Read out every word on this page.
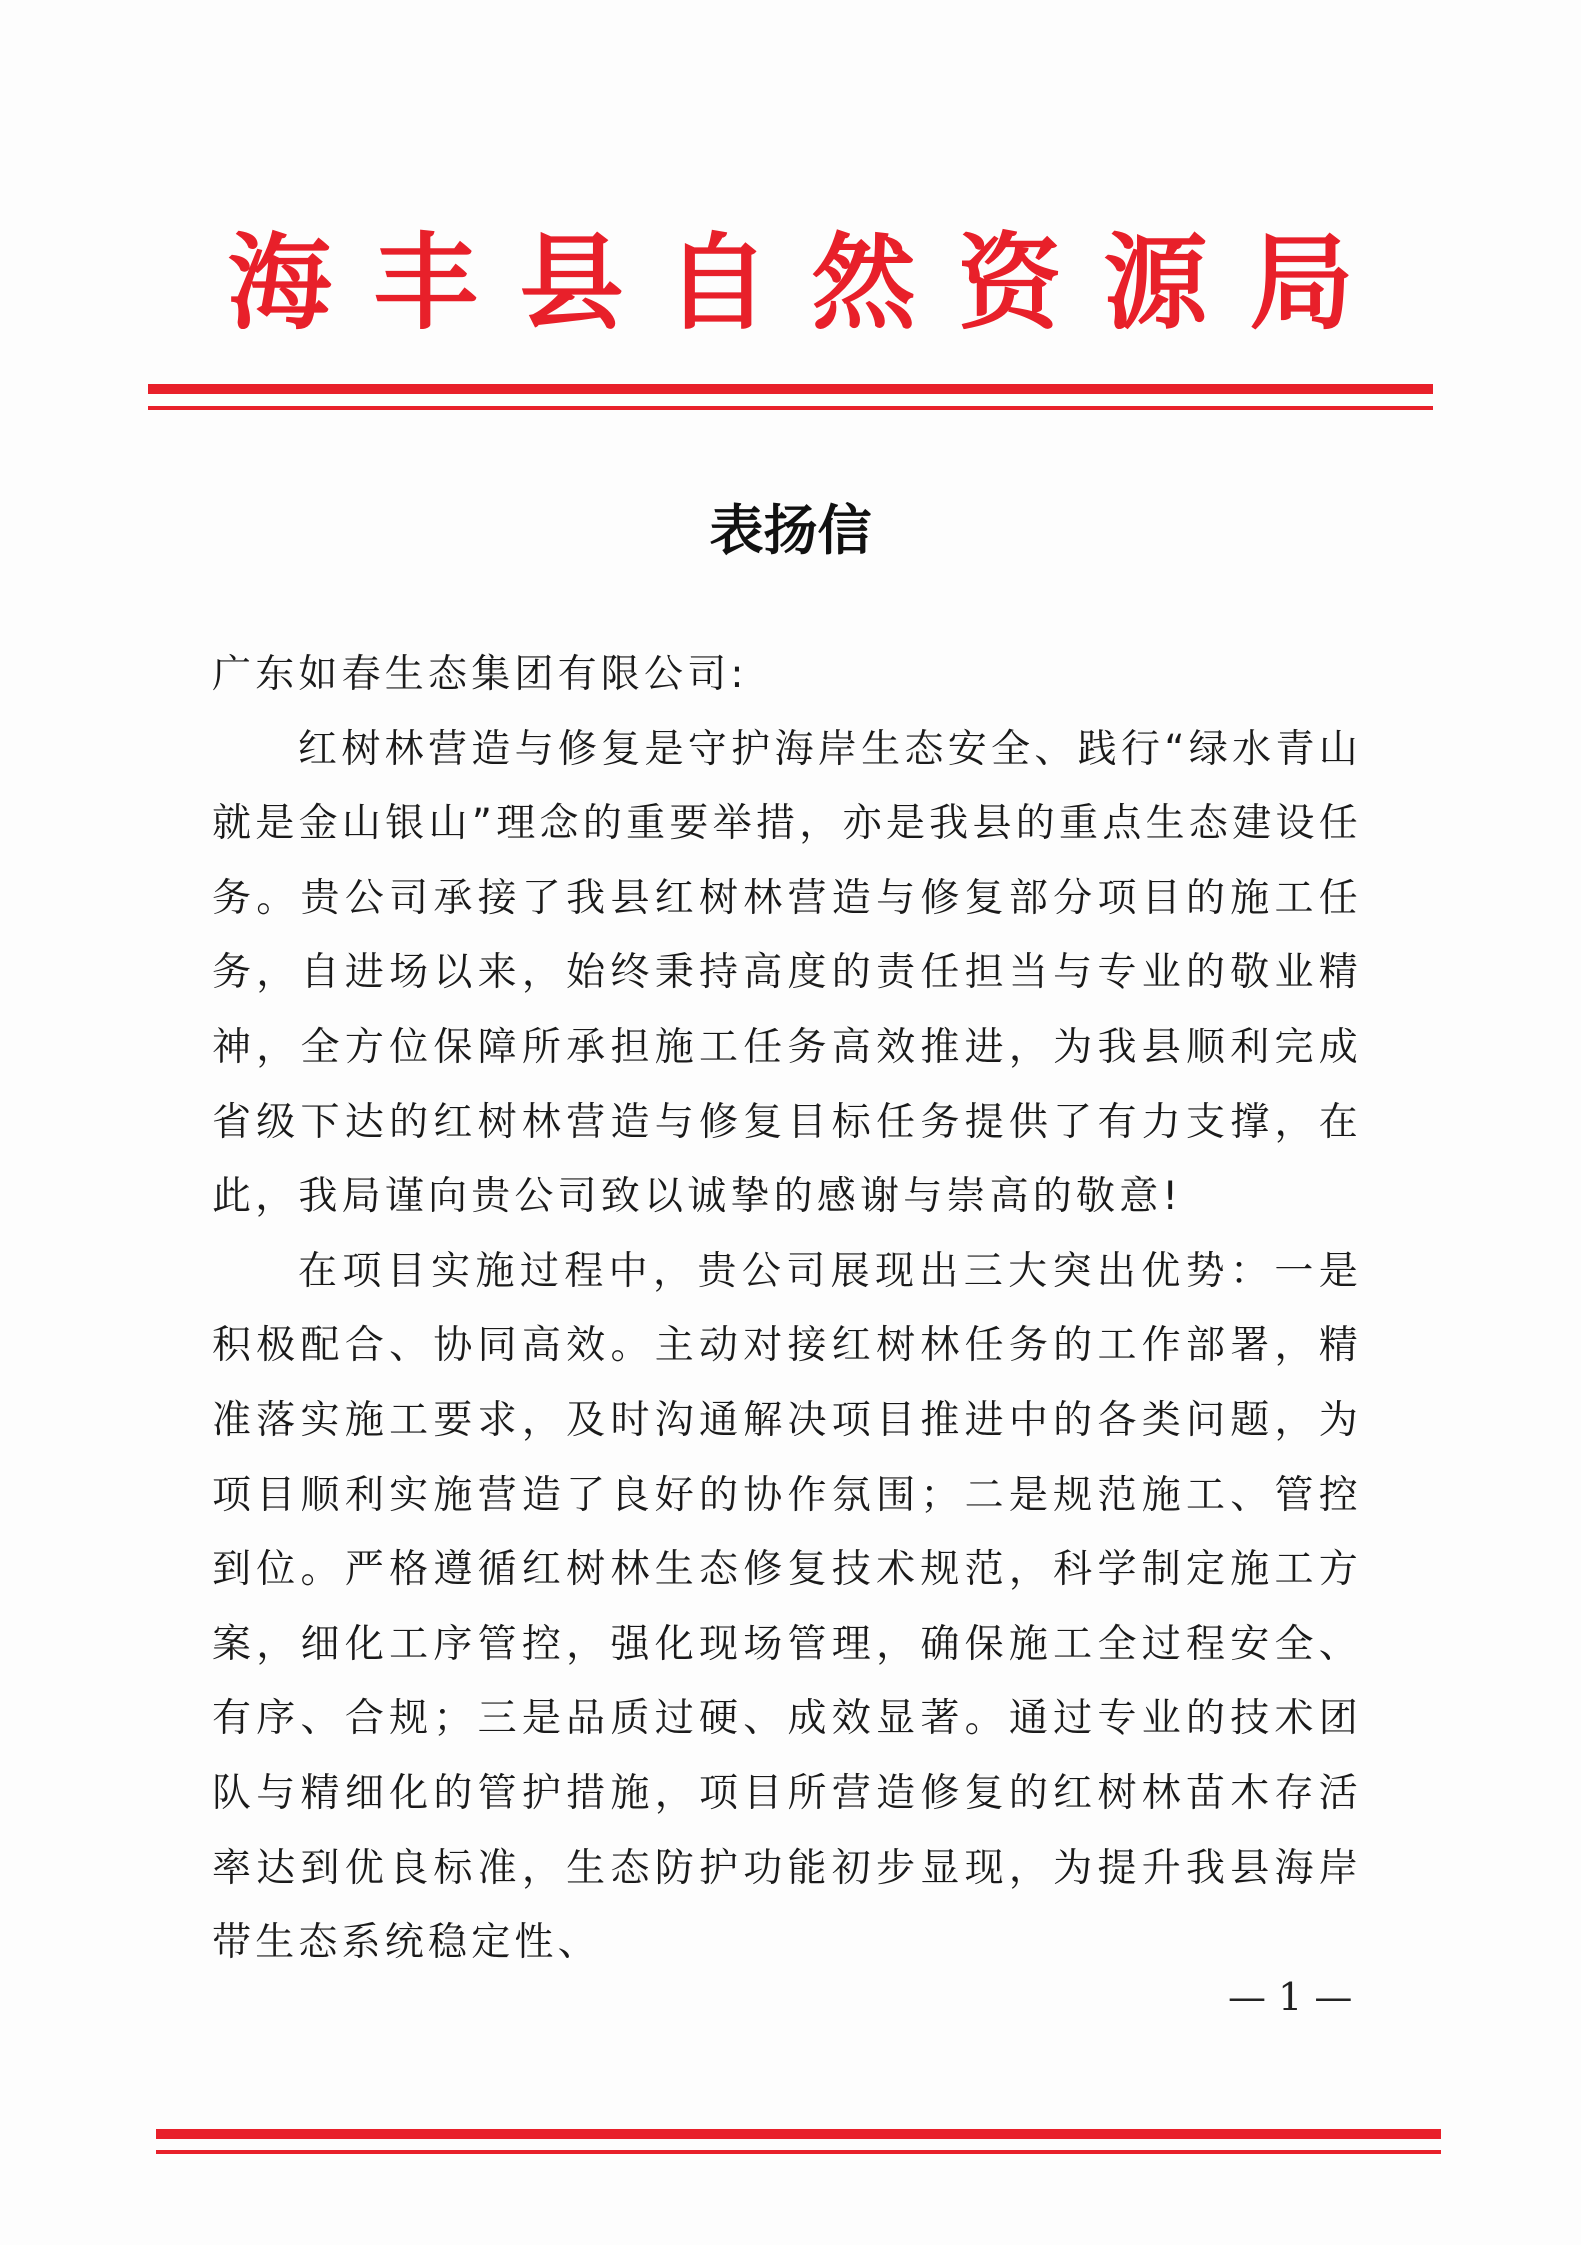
海丰县自然资源局
表扬信

广东如春生态集团有限公司:

红树林营造与修复是守护海岸生态安全、践行“绿水青山就是金山银山”理念的重要举措，亦是我县的重点生态建设任务。贵公司承接了我县红树林营造与修复部分项目的施工任务，自进场以来，始终秉持高度的责任担当与专业的敬业精神，全方位保障所承担施工任务高效推进，为我县顺利完成省级下达的红树林营造与修复目标任务提供了有力支撑，在此，我局谨向贵公司致以诚挚的感谢与崇高的敬意!

在项目实施过程中，贵公司展现出三大突出优势：一是积极配合、协同高效。主动对接红树林任务的工作部署，精准落实施工要求，及时沟通解决项目推进中的各类问题，为项目顺利实施营造了良好的协作氛围；二是规范施工、管控到位。严格遵循红树林生态修复技术规范，科学制定施工方案，细化工序管控，强化现场管理，确保施工全过程安全、有序、合规；三是品质过硬、成效显著。通过专业的技术团队与精细化的管护措施，项目所营造修复的红树林苗木存活率达到优良标准，生态防护功能初步显现，为提升我县海岸带生态系统稳定性、

— 1 —
